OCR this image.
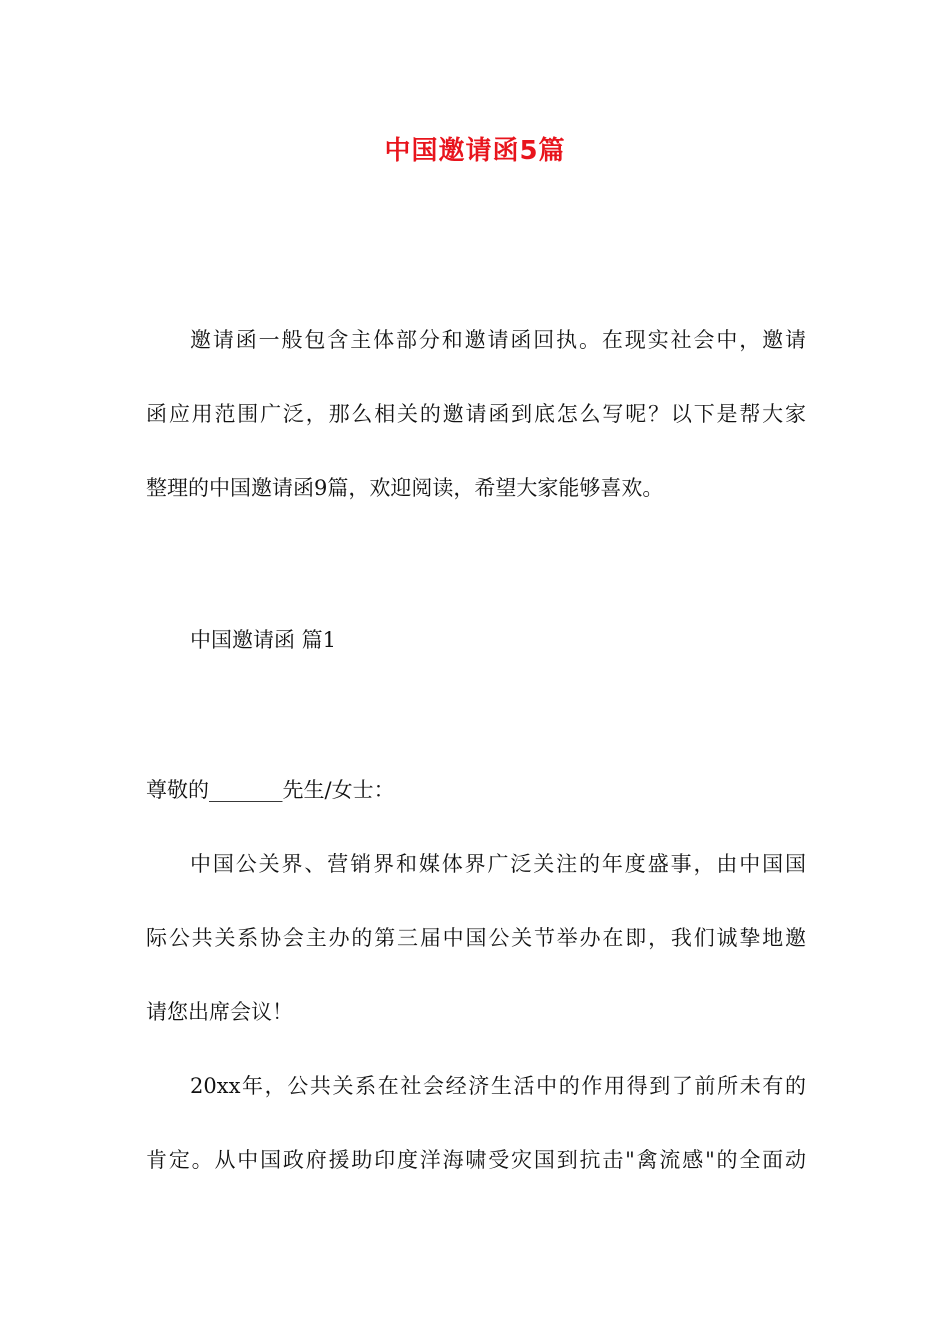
中国邀请函5篇
邀请函一般包含主体部分和邀请函回执。在现实社会中，邀请
函应用范围广泛，那么相关的邀请函到底怎么写呢？以下是帮大家
整理的中国邀请函9篇，欢迎阅读，希望大家能够喜欢。
中国邀请函 篇1
尊敬的_______先生/女士：
中国公关界、营销界和媒体界广泛关注的年度盛事，由中国国
际公共关系协会主办的第三届中国公关节举办在即，我们诚挚地邀
请您出席会议！
20xx年，公共关系在社会经济生活中的作用得到了前所未有的
肯定。从中国政府援助印度洋海啸受灾国到抗击"禽流感"的全面动
